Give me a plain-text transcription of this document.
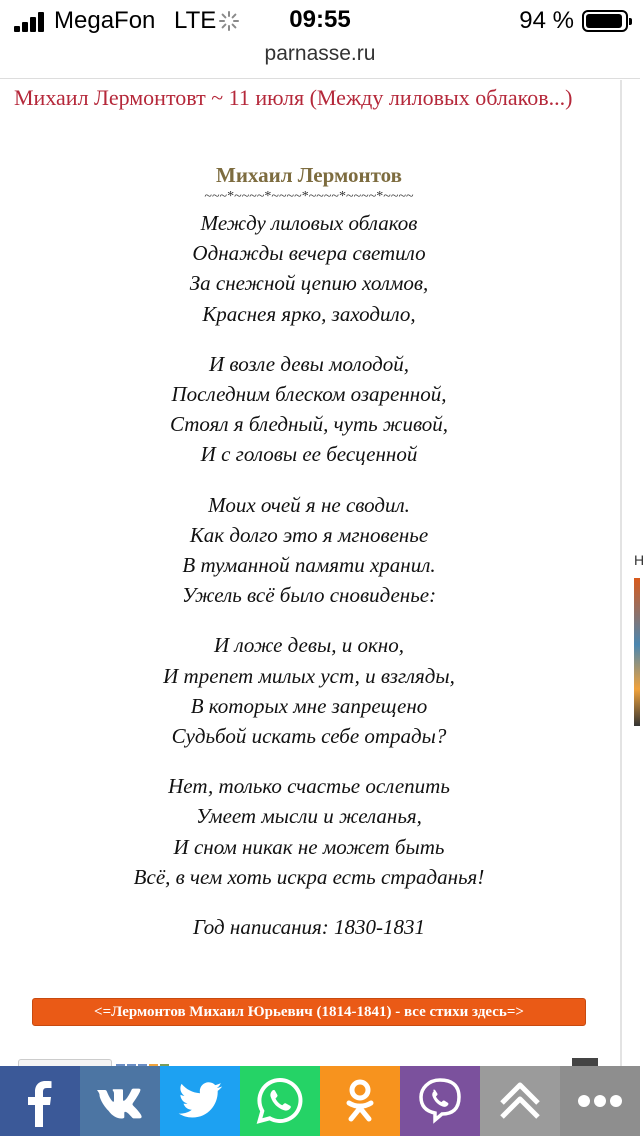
MegaFon LTE	09:55	94 %
parnasse.ru
Михаил Лермонтовт ~ 11 июля (Между лиловых облаков...)
Михаил Лермонтов
~~~*~~~~*~~~~*~~~~*~~~~*~~~~
Между лиловых облаков
Однажды вечера светило
За снежной цепию холмов,
Краснея ярко, заходило,
И возле девы молодой,
Последним блеском озаренной,
Стоял я бледный, чуть живой,
И с головы ее бесценной
Моих очей я не сводил.
Как долго это я мгновенье
В туманной памяти хранил.
Ужель всё было сновиденье:
И ложе девы, и окно,
И трепет милых уст, и взгляды,
В которых мне запрещено
Судьбой искать себе отрады?
Нет, только счастье ослепить
Умеет мысли и желанья,
И сном никак не может быть
Всё, в чем хоть искра есть страданья!
Год написания: 1830-1831
<=Лермонтов Михаил Юрьевич (1814-1841) - все стихи здесь=>
Н
